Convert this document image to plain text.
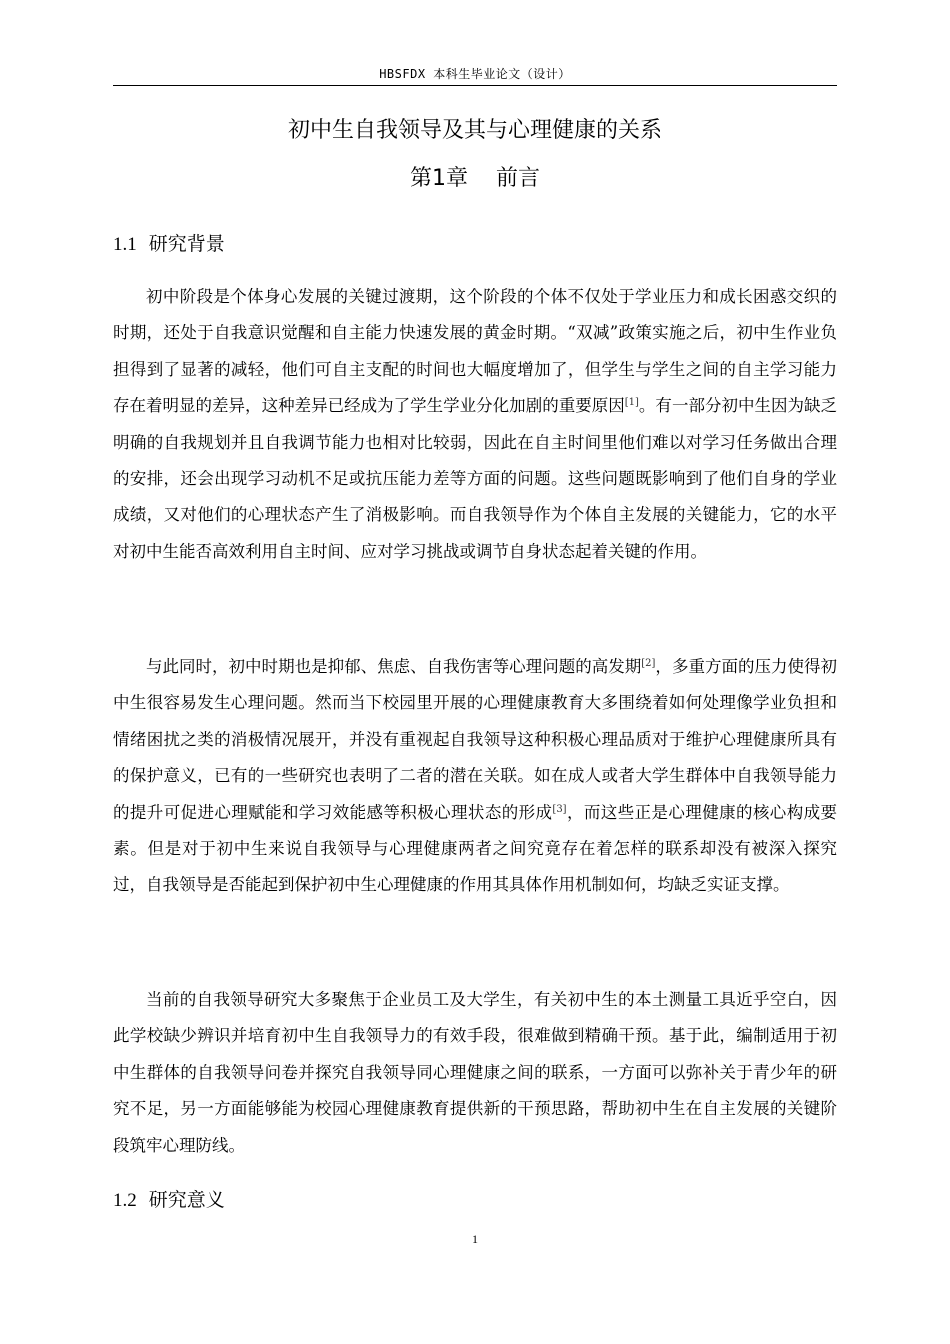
HBSFDX 本科生毕业论文（设计）
初中生自我领导及其与心理健康的关系
第1章 前言
1.1 研究背景

初中阶段是个体身心发展的关键过渡期，这个阶段的个体不仅处于学业压力和成长困惑交织的时期，还处于自我意识觉醒和自主能力快速发展的黄金时期。“双减”政策实施之后，初中生作业负担得到了显著的减轻，他们可自主支配的时间也大幅度增加了，但学生与学生之间的自主学习能力存在着明显的差异，这种差异已经成为了学生学业分化加剧的重要原因[1]。有一部分初中生因为缺乏明确的自我规划并且自我调节能力也相对比较弱，因此在自主时间里他们难以对学习任务做出合理的安排，还会出现学习动机不足或抗压能力差等方面的问题。这些问题既影响到了他们自身的学业成绩，又对他们的心理状态产生了消极影响。而自我领导作为个体自主发展的关键能力，它的水平对初中生能否高效利用自主时间、应对学习挑战或调节自身状态起着关键的作用。

与此同时，初中时期也是抑郁、焦虑、自我伤害等心理问题的高发期[2]，多重方面的压力使得初中生很容易发生心理问题。然而当下校园里开展的心理健康教育大多围绕着如何处理像学业负担和情绪困扰之类的消极情况展开，并没有重视起自我领导这种积极心理品质对于维护心理健康所具有的保护意义，已有的一些研究也表明了二者的潜在关联。如在成人或者大学生群体中自我领导能力的提升可促进心理赋能和学习效能感等积极心理状态的形成[3]，而这些正是心理健康的核心构成要素。但是对于初中生来说自我领导与心理健康两者之间究竟存在着怎样的联系却没有被深入探究过，自我领导是否能起到保护初中生心理健康的作用其具体作用机制如何，均缺乏实证支撑。

当前的自我领导研究大多聚焦于企业员工及大学生，有关初中生的本土测量工具近乎空白，因此学校缺少辨识并培育初中生自我领导力的有效手段，很难做到精确干预。基于此，编制适用于初中生群体的自我领导问卷并探究自我领导同心理健康之间的联系，一方面可以弥补关于青少年的研究不足，另一方面能够能为校园心理健康教育提供新的干预思路，帮助初中生在自主发展的关键阶段筑牢心理防线。

1.2 研究意义
1
